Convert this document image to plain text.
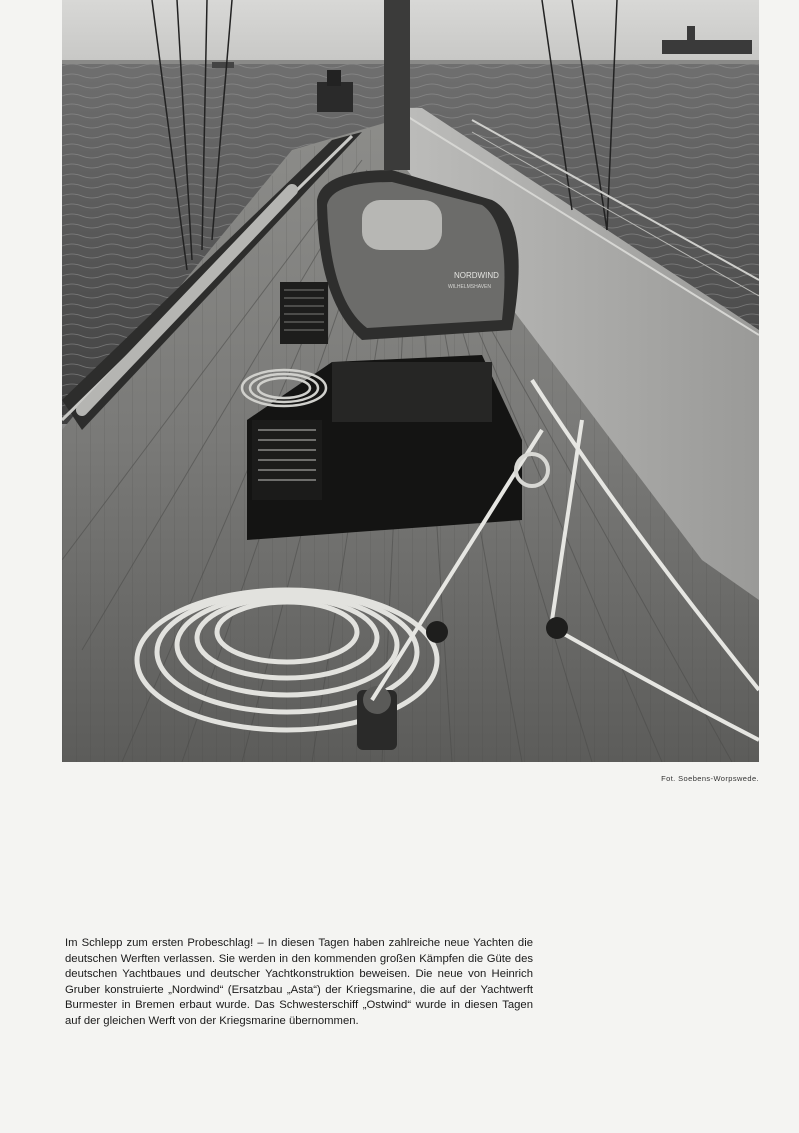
NORDWIND
WILHELMSHAVEN
Fot. Soebens-Worpswede.

Im Schlepp zum ersten Probeschlag! – In diesen Tagen haben zahlreiche neue Yachten die deutschen Werften verlassen. Sie werden in den kommenden großen Kämpfen die Güte des deutschen Yachtbaues und deutscher Yachtkonstruktion beweisen. Die neue von Heinrich Gruber konstruierte „Nordwind“ (Ersatzbau „Asta“) der Kriegsmarine, die auf der Yachtwerft Burmester in Bremen erbaut wurde. Das Schwesterschiff „Ostwind“ wurde in diesen Tagen auf der gleichen Werft von der Kriegsmarine übernommen.
